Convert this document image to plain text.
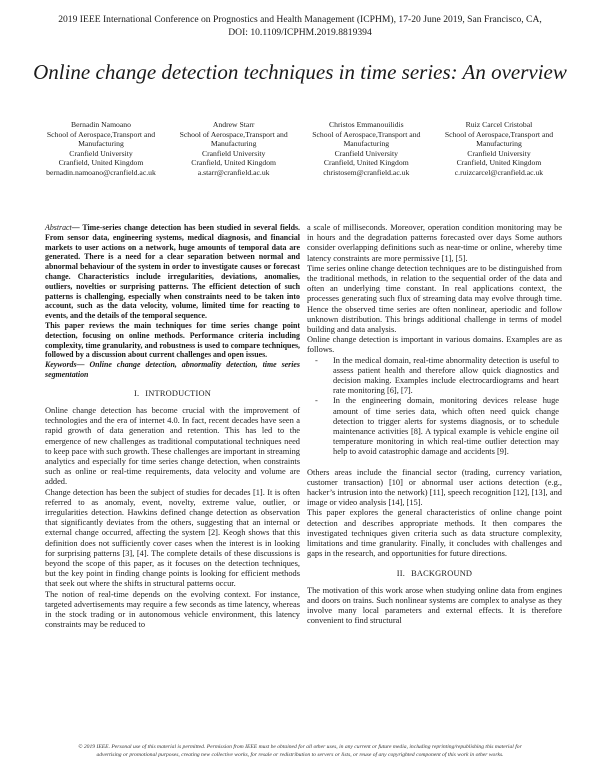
2019 IEEE International Conference on Prognostics and Health Management (ICPHM), 17-20 June 2019, San Francisco, CA,
DOI: 10.1109/ICPHM.2019.8819394
Online change detection techniques in time series: An overview
Bernadin Namoano
School of Aerospace,Transport and Manufacturing
Cranfield University
Cranfield, United Kingdom
bernadin.namoano@cranfield.ac.uk
Andrew Starr
School of Aerospace,Transport and Manufacturing
Cranfield University
Cranfield, United Kingdom
a.starr@cranfield.ac.uk
Christos Emmanouilidis
School of Aerospace,Transport and Manufacturing
Cranfield University
Cranfield, United Kingdom
christosem@cranfield.ac.uk
Ruiz Carcel Cristobal
School of Aerospace,Transport and Manufacturing
Cranfield University
Cranfield, United Kingdom
c.ruizcarcel@cranfield.ac.uk

Abstract— Time-series change detection has been studied in several fields. From sensor data, engineering systems, medical diagnosis, and financial markets to user actions on a network, huge amounts of temporal data are generated. There is a need for a clear separation between normal and abnormal behaviour of the system in order to investigate causes or forecast change. Characteristics include irregularities, deviations, anomalies, outliers, novelties or surprising patterns. The efficient detection of such patterns is challenging, especially when constraints need to be taken into account, such as the data velocity, volume, limited time for reacting to events, and the details of the temporal sequence.

This paper reviews the main techniques for time series change point detection, focusing on online methods. Performance criteria including complexity, time granularity, and robustness is used to compare techniques, followed by a discussion about current challenges and open issues.

Keywords— Online change detection, abnormality detection, time series segmentation

I. INTRODUCTION

Online change detection has become crucial with the improvement of technologies and the era of internet 4.0. In fact, recent decades have seen a rapid growth of data generation and retention. This has led to the emergence of new challenges as traditional computational techniques need to keep pace with such growth. These challenges are important in streaming analytics and especially for time series change detection, when constraints such as online or real-time requirements, data velocity and volume are added.

Change detection has been the subject of studies for decades [1]. It is often referred to as anomaly, event, novelty, extreme value, outlier, or irregularities detection. Hawkins defined change detection as observation that significantly deviates from the others, suggesting that an internal or external change occurred, affecting the system [2]. Keogh shows that this definition does not sufficiently cover cases when the interest is in looking for surprising patterns [3], [4]. The complete details of these discussions is beyond the scope of this paper, as it focuses on the detection techniques, but the key point in finding change points is looking for efficient methods that seek out where the shifts in structural patterns occur.

The notion of real-time depends on the evolving context. For instance, targeted advertisements may require a few seconds as time latency, whereas in the stock trading or in autonomous vehicle environment, this latency constraints may be reduced to

a scale of milliseconds. Moreover, operation condition monitoring may be in hours and the degradation patterns forecasted over days Some authors consider overlapping definitions such as near-time or online, whereby time latency constraints are more permissive [1], [5].

Time series online change detection techniques are to be distinguished from the traditional methods, in relation to the sequential order of the data and often an underlying time constant. In real applications context, the processes generating such flux of streaming data may evolve through time. Hence the observed time series are often nonlinear, aperiodic and follow unknown distribution. This brings additional challenge in terms of model building and data analysis.

Online change detection is important in various domains. Examples are as follows.

- In the medical domain, real-time abnormality detection is useful to assess patient health and therefore allow quick diagnostics and decision making. Examples include electrocardiograms and heart rate monitoring [6], [7].
- In the engineering domain, monitoring devices release huge amount of time series data, which often need quick change detection to trigger alerts for systems diagnosis, or to schedule maintenance activities [8]. A typical example is vehicle engine oil temperature monitoring in which real-time outlier detection may help to avoid catastrophic damage and accidents [9].

Others areas include the financial sector (trading, currency variation, customer transaction) [10] or abnormal user actions detection (e.g., hacker’s intrusion into the network) [11], speech recognition [12], [13], and image or video analysis [14], [15].

This paper explores the general characteristics of online change point detection and describes appropriate methods. It then compares the investigated techniques given criteria such as data structure complexity, limitations and time granularity. Finally, it concludes with challenges and gaps in the research, and opportunities for future directions.

II. BACKGROUND

The motivation of this work arose when studying online data from engines and doors on trains. Such nonlinear systems are complex to analyse as they involve many local parameters and external effects. It is therefore convenient to find structural

© 2019 IEEE. Personal use of this material is permitted. Permission from IEEE must be obtained for all other uses, in any current or future media, including reprinting/republishing this material for
advertising or promotional purposes, creating new collective works, for resale or redistribution to servers or lists, or reuse of any copyrighted component of this work in other works.
